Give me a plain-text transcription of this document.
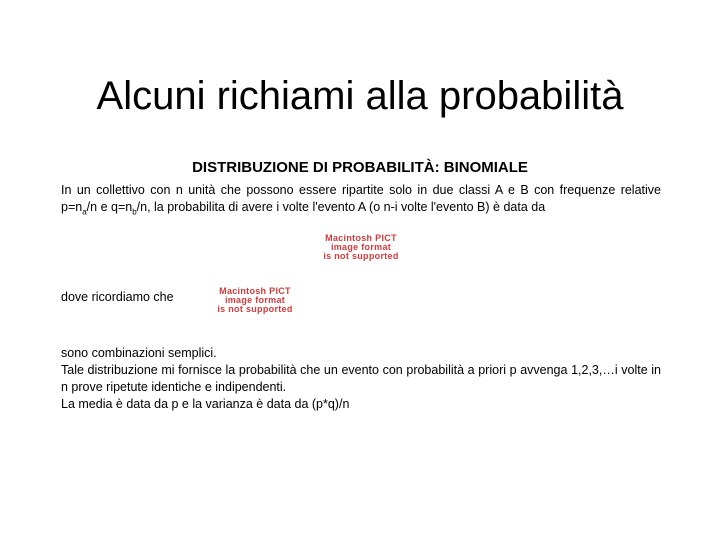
Alcuni richiami alla probabilità
DISTRIBUZIONE DI PROBABILITÀ: BINOMIALE
In un collettivo con n unità che possono essere ripartite solo in due classi A e B con frequenze relative $p=n_a/n$ e $q=n_b/n$, la probabilita di avere i volte l'evento A (o n-i volte l'evento B) è data da
Macintosh PICT
image format
is not supported
dove ricordiamo che	Macintosh PICT
image format
is not supported

sono combinazioni semplici.

Tale distribuzione mi fornisce la probabilità che un evento con probabilità a priori p avvenga 1,2,3,…i volte in n prove ripetute identiche e indipendenti.

La media è data da p e la varianza è data da (p*q)/n
